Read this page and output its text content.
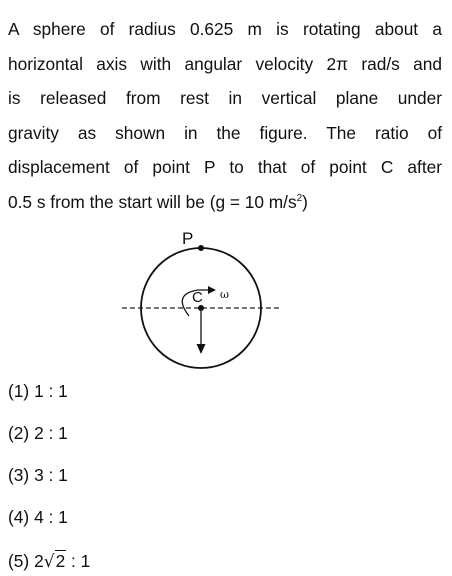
A sphere of radius 0.625 m is rotating about a
horizontal axis with angular velocity 2π rad/s and
is released from rest in vertical plane under
gravity as shown in the figure. The ratio of
displacement of point P to that of point C after
0.5 s from the start will be (g = 10 $m/s^2$)
P
C ω
(1) 1 : 1
(2) 2 : 1
(3) 3 : 1
(4) 4 : 1
(5) 2√2 : 1
